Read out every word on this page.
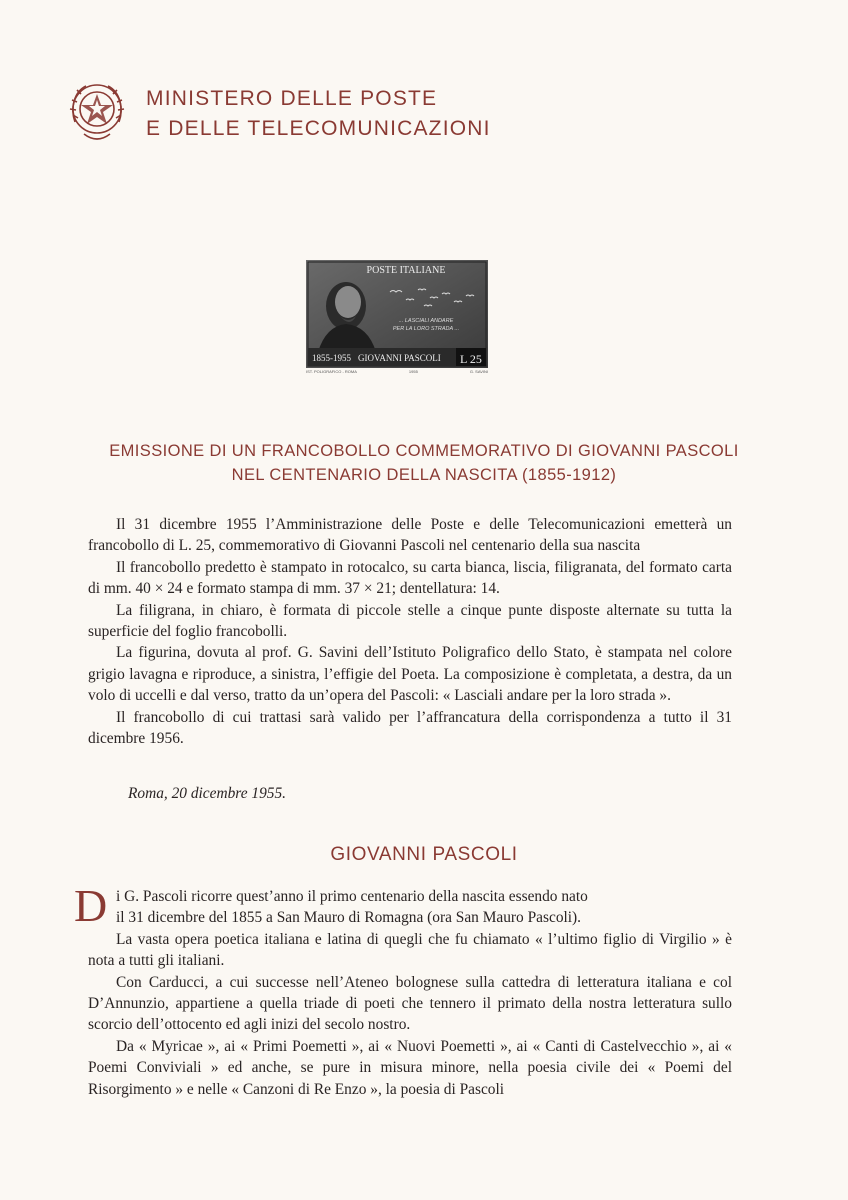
MINISTERO DELLE POSTE
E DELLE TELECOMUNICAZIONI
POSTE ITALIANE
... LASCIALI ANDARE
PER LA LORO STRADA ...
1855-1955 GIOVANNI PASCOLI L 25
IST. POLIGRAFICO - ROMA	1955	G. SAVINI
EMISSIONE DI UN FRANCOBOLLO COMMEMORATIVO DI GIOVANNI PASCOLI
NEL CENTENARIO DELLA NASCITA (1855-1912)

Il 31 dicembre 1955 l’Amministrazione delle Poste e delle Telecomunicazioni emetterà un francobollo di L. 25, commemorativo di Giovanni Pascoli nel centenario della sua nascita

Il francobollo predetto è stampato in rotocalco, su carta bianca, liscia, filigranata, del formato carta di mm. 40 × 24 e formato stampa di mm. 37 × 21; dentellatura: 14.

La filigrana, in chiaro, è formata di piccole stelle a cinque punte disposte alternate su tutta la superficie del foglio francobolli.

La figurina, dovuta al prof. G. Savini dell’Istituto Poligrafico dello Stato, è stampata nel colore grigio lavagna e riproduce, a sinistra, l’effigie del Poeta. La composizione è completata, a destra, da un volo di uccelli e dal verso, tratto da un’opera del Pascoli: « Lasciali andare per la loro strada ».

Il francobollo di cui trattasi sarà valido per l’affrancatura della corrispondenza a tutto il 31 dicembre 1956.

Roma, 20 dicembre 1955.
GIOVANNI PASCOLI
D i G. Pascoli ricorre quest’anno il primo centenario della nascita essendo nato

il 31 dicembre del 1855 a San Mauro di Romagna (ora San Mauro Pascoli).

La vasta opera poetica italiana e latina di quegli che fu chiamato « l’ultimo figlio di Virgilio » è nota a tutti gli italiani.

Con Carducci, a cui successe nell’Ateneo bolognese sulla cattedra di letteratura italiana e col D’Annunzio, appartiene a quella triade di poeti che tennero il primato della nostra letteratura sullo scorcio dell’ottocento ed agli inizi del secolo nostro.

Da « Myricae », ai « Primi Poemetti », ai « Nuovi Poemetti », ai « Canti di Castelvecchio », ai « Poemi Conviviali » ed anche, se pure in misura minore, nella poesia civile dei « Poemi del Risorgimento » e nelle « Canzoni di Re Enzo », la poesia di Pascoli
